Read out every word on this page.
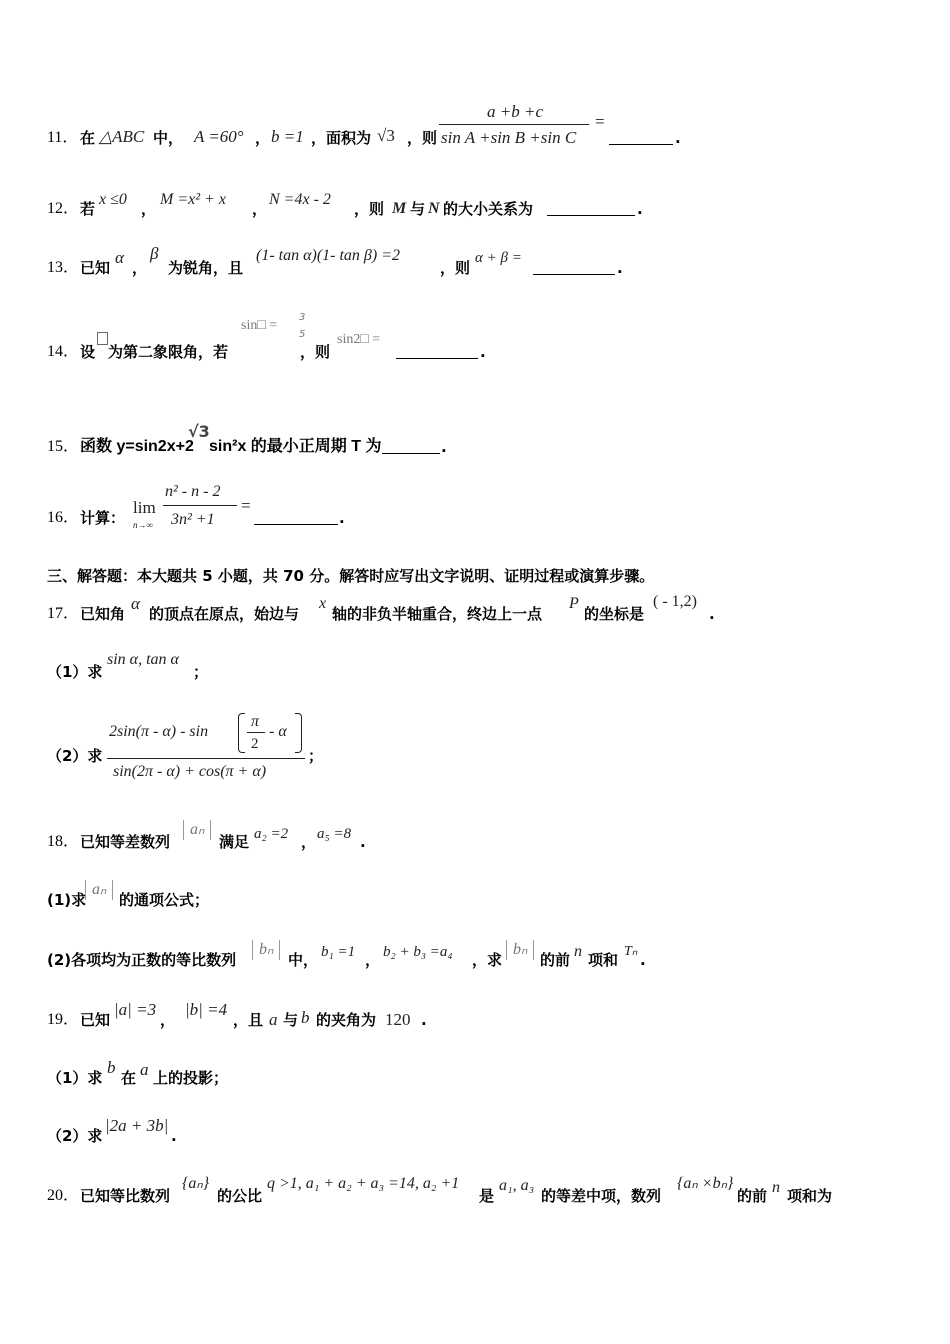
11． 在 △ABC 中， A =60° ， b =1 ，面积为 √3 ，则
a +b +c
sin A +sin B +sin C
=
.
12． 若
x ≤0
，
M =x² + x
，
N =4x - 2
，则 M 与 N 的大小关系为	.
13． 已知
α
，
β
为锐角，且
(1- tan α)(1- tan β) =2
，则
α + β =
.
14． 设 为第二象限角，若
sin□ =
3
5
，则
sin2□ =
.
15． 函数 y=sin2x+2
√3
sin²x 的最小正周期 T 为	.
16． 计算：
lim
n→∞
n² - n - 2
3n² +1
=
.
三、解答题：本大题共 5 小题，共 70 分。解答时应写出文字说明、证明过程或演算步骤。
17． 已知角
α
的顶点在原点，始边与
x
轴的非负半轴重合，终边上一点
P
的坐标是
( - 1,2)
.
（1）求
sin α, tan α
；
（2）求
2sin(π - α) - sin
π
2
- α
sin(2π - α) + cos(π + α)
；
18． 已知等差数列
aₙ
满足 a₂ =2 ， a₅ =8 .
(1)求
aₙ
的通项公式；
(2)各项均为正数的等比数列
bₙ
中， b₁ =1 ， b₂ + b₃ =a₄ ，求
bₙ
的前 n 项和 Tₙ .
19． 已知
|a| =3
，
|b| =4
，且 a 与 b 的夹角为 120 .
（1）求
b
在 a 上的投影；
（2）求
|2a + 3b|
.
20． 已知等比数列
{aₙ}
的公比
q >1, a₁ + a₂ + a₃ =14, a₂ +1
是
a₁, a₃
的等差中项，数列
{aₙ ×bₙ}
的前 n 项和为
